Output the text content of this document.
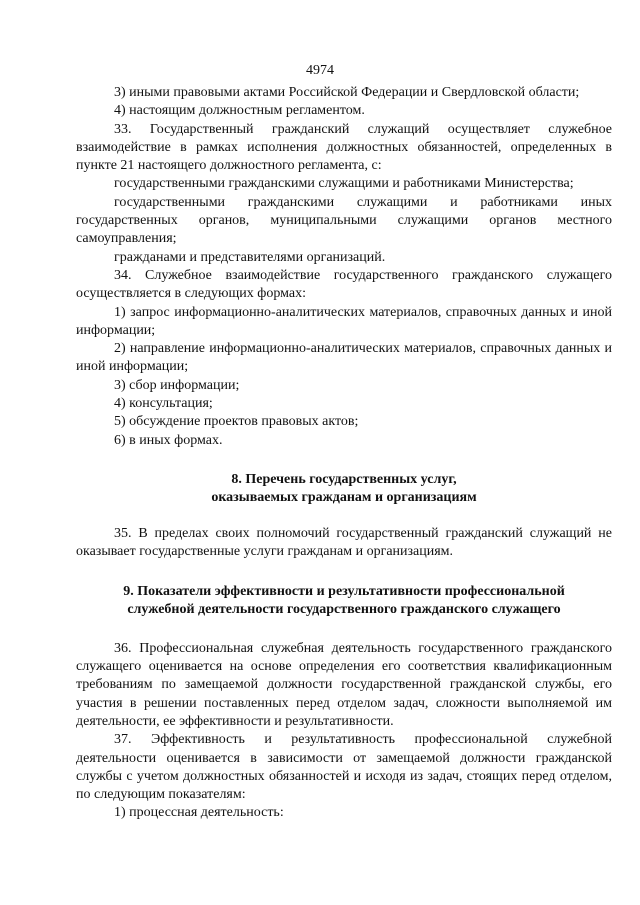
4974

3) иными правовыми актами Российской Федерации и Свердловской области;

4) настоящим должностным регламентом.

33. Государственный гражданский служащий осуществляет служебное взаимодействие в рамках исполнения должностных обязанностей, определенных в пункте 21 настоящего должностного регламента, с:

государственными гражданскими служащими и работниками Министерства;

государственными гражданскими служащими и работниками иных государственных органов, муниципальными служащими органов местного самоуправления;

гражданами и представителями организаций.

34. Служебное взаимодействие государственного гражданского служащего осуществляется в следующих формах:

1) запрос информационно-аналитических материалов, справочных данных и иной информации;

2) направление информационно-аналитических материалов, справочных данных и иной информации;

3) сбор информации;

4) консультация;

5) обсуждение проектов правовых актов;

6) в иных формах.

8. Перечень государственных услуг,

оказываемых гражданам и организациям

35. В пределах своих полномочий государственный гражданский служащий не оказывает государственные услуги гражданам и организациям.

9. Показатели эффективности и результативности профессиональной

служебной деятельности государственного гражданского служащего

36. Профессиональная служебная деятельность государственного гражданского служащего оценивается на основе определения его соответствия квалификационным требованиям по замещаемой должности государственной гражданской службы, его участия в решении поставленных перед отделом задач, сложности выполняемой им деятельности, ее эффективности и результативности.

37. Эффективность и результативность профессиональной служебной деятельности оценивается в зависимости от замещаемой должности гражданской службы с учетом должностных обязанностей и исходя из задач, стоящих перед отделом, по следующим показателям:

1) процессная деятельность:
